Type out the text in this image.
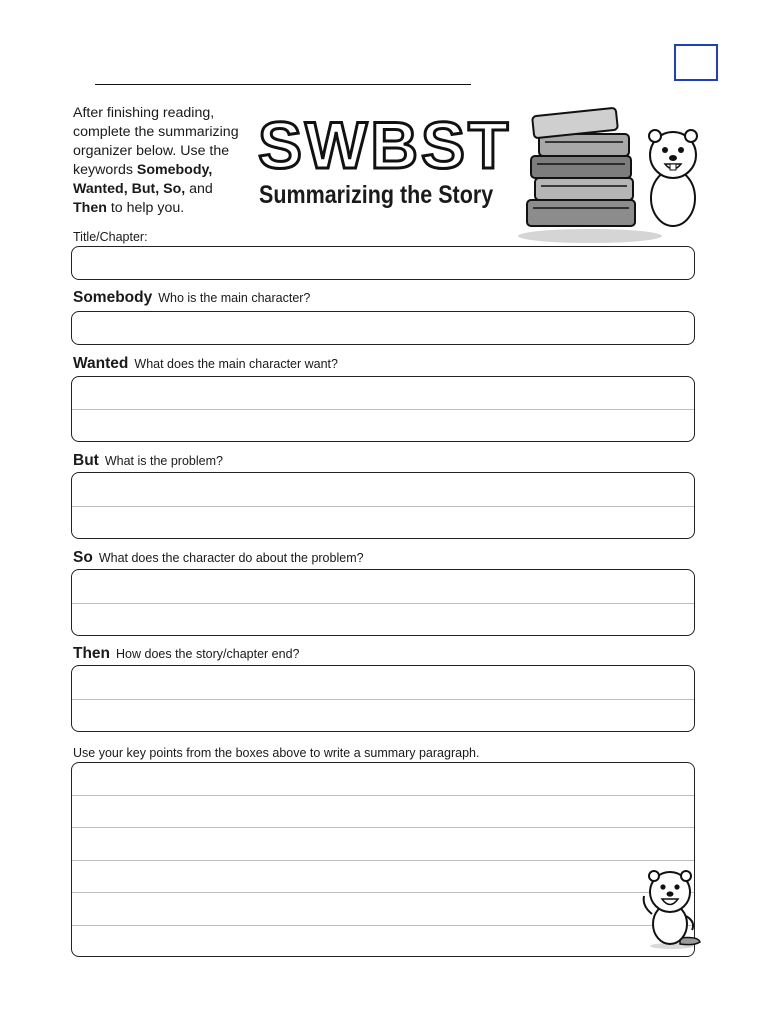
After finishing reading,
complete the summarizing
organizer below. Use the
keywords Somebody,
Wanted, But, So, and
Then to help you.
SWBST
Summarizing the Story
Title/Chapter:
Somebody Who is the main character?
Wanted What does the main character want?
But What is the problem?
So What does the character do about the problem?
Then How does the story/chapter end?
Use your key points from the boxes above to write a summary paragraph.
